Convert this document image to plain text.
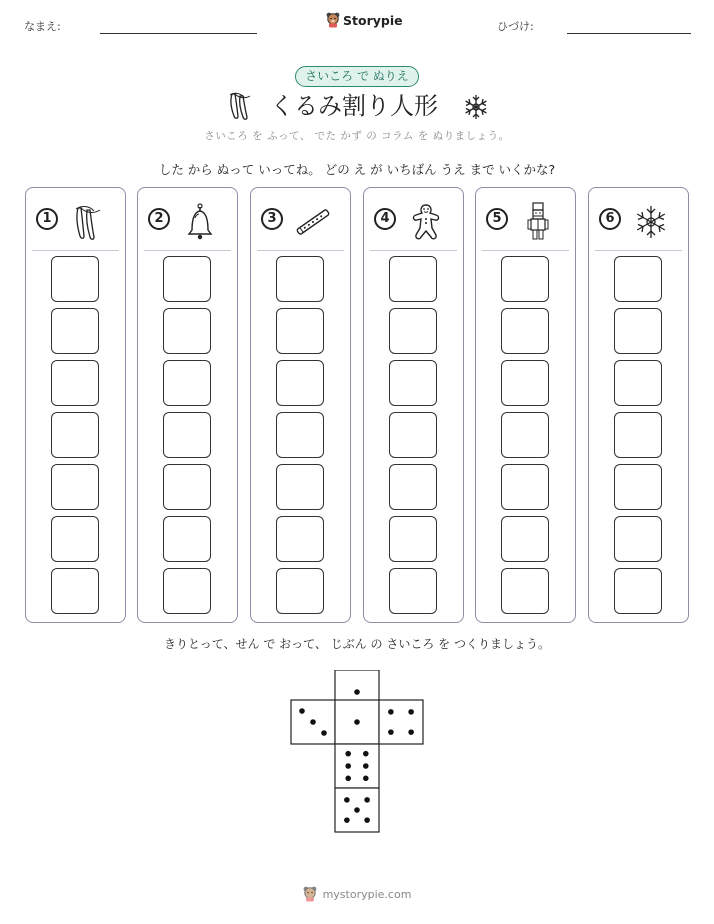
なまえ:	Storypie	ひづけ:
さいころ で ぬりえ
くるみ割り人形
さいころ を ふって、 でた かず の コラム を ぬりましょう。
した から ぬって いってね。 どの え が いちばん うえ まで いくかな?
1	2	3	4	5	6
きりとって、せん で おって、 じぶん の さいころ を つくりましょう。
mystorypie.com
